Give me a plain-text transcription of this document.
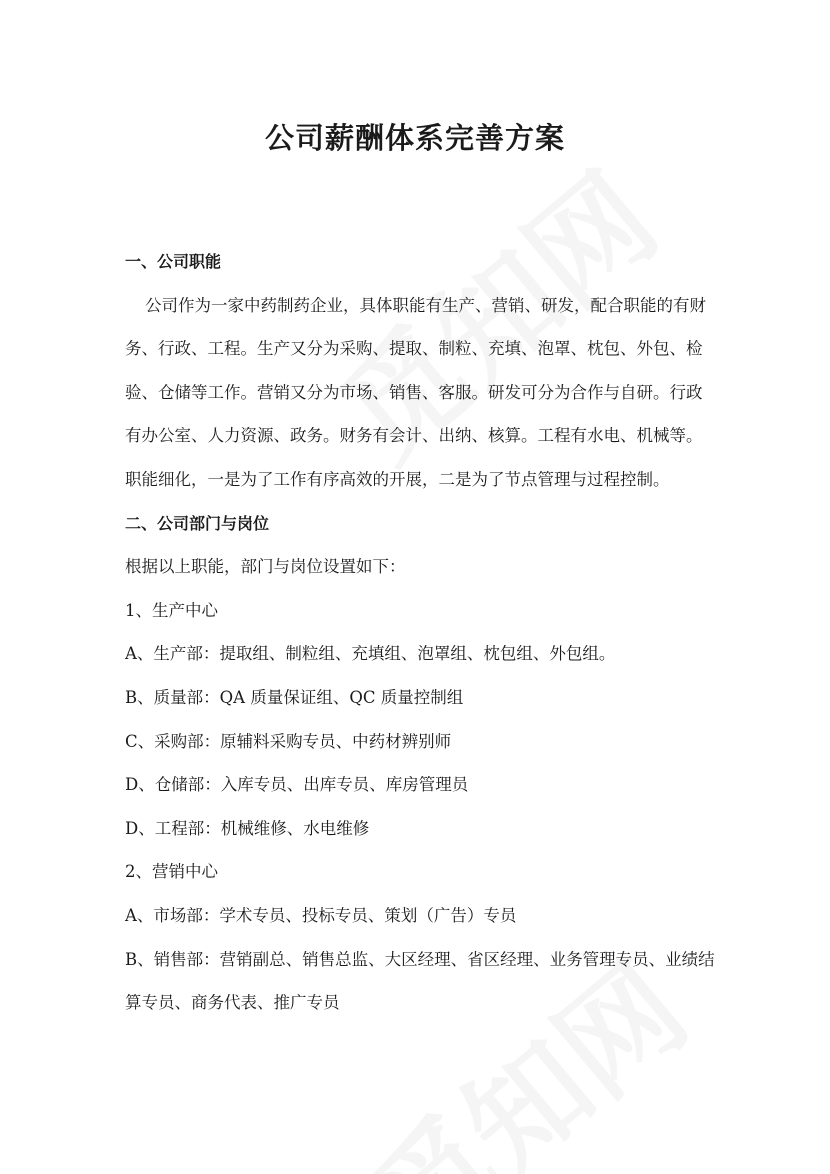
公司薪酬体系完善方案

一、公司职能

公司作为一家中药制药企业，具体职能有生产、营销、研发，配合职能的有财务、行政、工程。生产又分为采购、提取、制粒、充填、泡罩、枕包、外包、检验、仓储等工作。营销又分为市场、销售、客服。研发可分为合作与自研。行政有办公室、人力资源、政务。财务有会计、出纳、核算。工程有水电、机械等。职能细化，一是为了工作有序高效的开展，二是为了节点管理与过程控制。

二、公司部门与岗位

根据以上职能，部门与岗位设置如下：

1、生产中心

A、生产部：提取组、制粒组、充填组、泡罩组、枕包组、外包组。

B、质量部：QA 质量保证组、QC 质量控制组

C、采购部：原辅料采购专员、中药材辨别师

D、仓储部：入库专员、出库专员、库房管理员

D、工程部：机械维修、水电维修

2、营销中心

A、市场部：学术专员、投标专员、策划（广告）专员

B、销售部：营销副总、销售总监、大区经理、省区经理、业务管理专员、业绩结算专员、商务代表、推广专员
